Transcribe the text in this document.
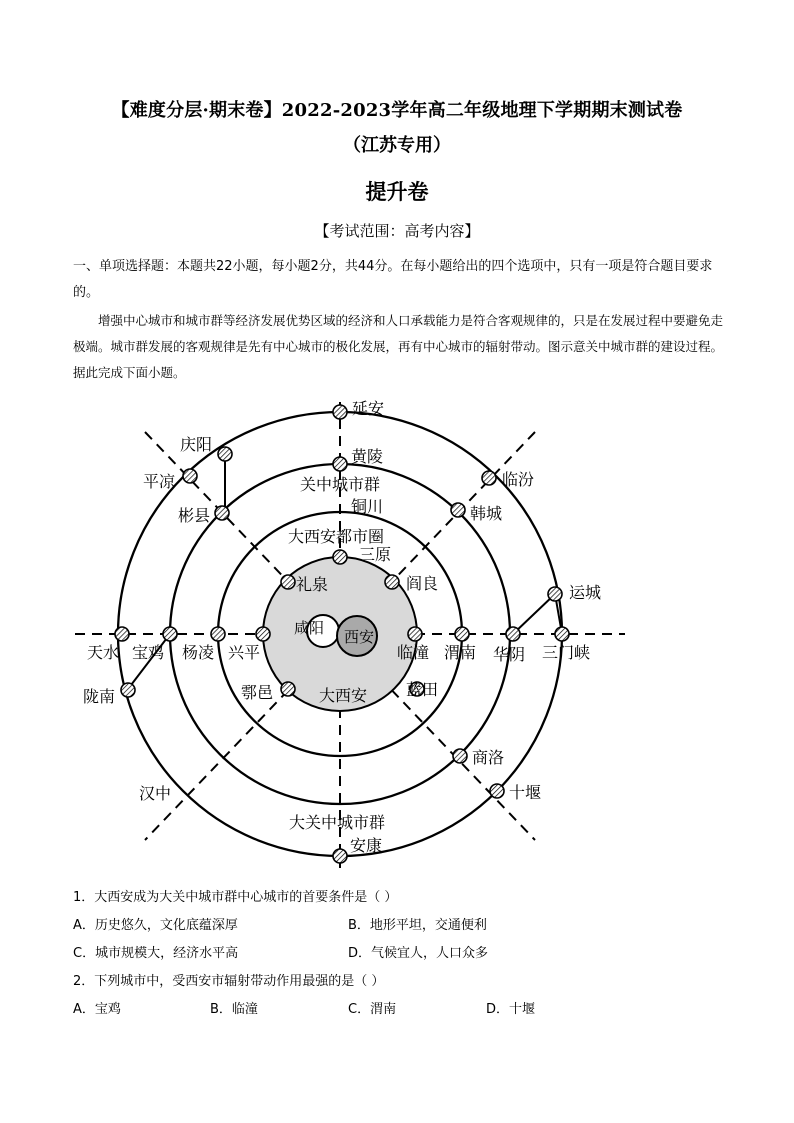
【难度分层·期末卷】2022-2023学年高二年级地理下学期期末测试卷
（江苏专用）
提升卷
【考试范围：高考内容】
一、单项选择题：本题共22小题，每小题2分，共44分。在每小题给出的四个选项中，只有一项是符合题目要求的。
增强中心城市和城市群等经济发展优势区域的经济和人口承载能力是符合客观规律的，只是在发展过程中要避免走极端。城市群发展的客观规律是先有中心城市的极化发展，再有中心城市的辐射带动。图示意关中城市群的建设过程。据此完成下面小题。
关中城市群
大西安都市圈
大西安
大关中城市群
延安
庆阳
平凉
彬县
黄陵
铜川
临汾
韩城
三原
礼泉	阎良	运城
咸阳 西安
天水 宝鸡 杨凌 兴平	临潼 渭南 华阴 三门峡
陇南	鄠邑	蓝田
商洛
汉中	十堰
安康
1．大西安成为大关中城市群中心城市的首要条件是（ ）
A．历史悠久，文化底蕴深厚	B．地形平坦，交通便利
C．城市规模大，经济水平高	D．气候宜人，人口众多
2．下列城市中，受西安市辐射带动作用最强的是（ ）
A．宝鸡	B．临潼	C．渭南	D．十堰
